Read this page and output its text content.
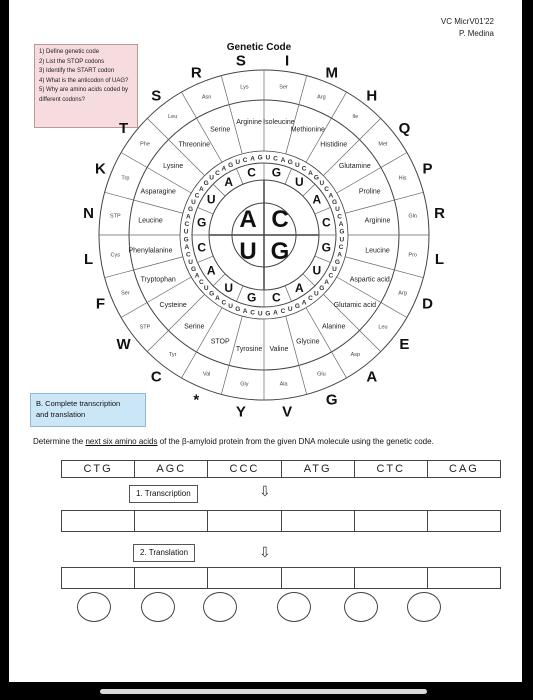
VC MicrV01'22
P. Medina
1) Define genetic code
2) List the STOP codons
3) Identify the START codon
4) What is the anticodon of UAG?
5) Why are amino acids coded by different codons?
Genetic Code
B. Complete transcription
and translation
Determine the next six amino acids of the β-amyloid protein from the given DNA molecule using the genetic code.
CTG	AGC	CCC	ATG	CTC	CAG
1. Transcription	⇩
2. Translation	⇩
A C
U G
G
U
A
C
G
U
A
C
G
U
A
C
G
U
A
C
U C A G U
C
A
G
U
C
A
G
U
C
A
G
U
C
A
G
U
C
A
G
U
C
A
G
U
C
A
G
U
C
A
G
U
C
A
G
U
C
A
G
U
C
A
G
U
C
A
G
U
C
A
G
U
C
A
G U C A G
I
M
H
Q
P
R
L
D
E
A
G
V
Y
*
C
W
F
L
N
K
T
S
R
S
Isoleucine
Methionine
Histidine
Glutamine
Proline
Arginine
Leucine
Aspartic acid
Glutamic acid
Alanine
Glycine
Valine
Tyrosine
STOP
Serine
Cysteine
Tryptophan
Phenylalanine
Leucine
Asparagine
Lysine
Threonine
Serine
Arginine
Ser
Arg
Ile
Met
His
Gln
Pro
Arg
Leu
Asp
Glu
Ala
Gly
Val
Tyr
STP
Ser
Cys
STP
Trp
Phe
Leu
Asn
Lys
